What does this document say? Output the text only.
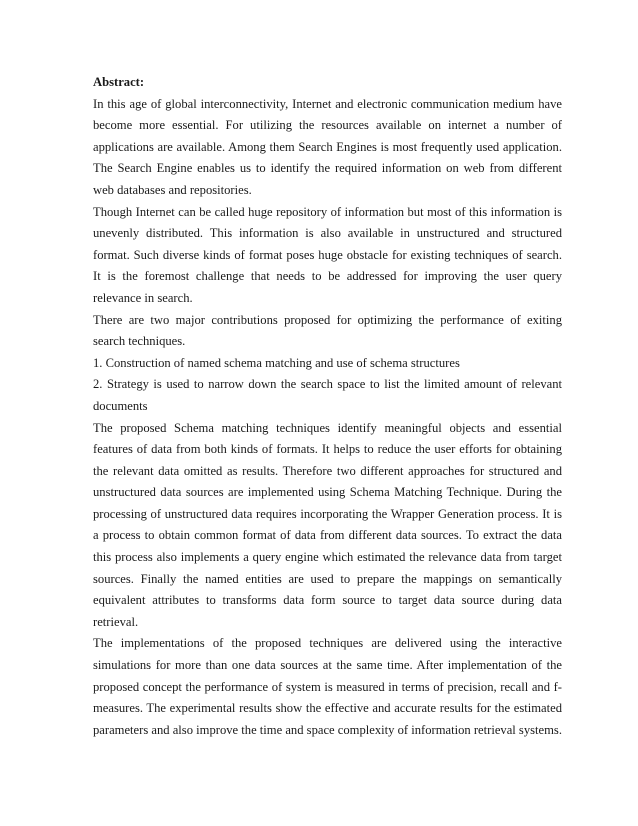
Abstract:

In this age of global interconnectivity, Internet and electronic communication medium have become more essential. For utilizing the resources available on internet a number of applications are available. Among them Search Engines is most frequently used application. The Search Engine enables us to identify the required information on web from different web databases and repositories.

Though Internet can be called huge repository of information but most of this information is unevenly distributed. This information is also available in unstructured and structured format. Such diverse kinds of format poses huge obstacle for existing techniques of search. It is the foremost challenge that needs to be addressed for improving the user query relevance in search.

There are two major contributions proposed for optimizing the performance of exiting search techniques.

1. Construction of named schema matching and use of schema structures

2. Strategy is used to narrow down the search space to list the limited amount of relevant documents

The proposed Schema matching techniques identify meaningful objects and essential features of data from both kinds of formats. It helps to reduce the user efforts for obtaining the relevant data omitted as results. Therefore two different approaches for structured and unstructured data sources are implemented using Schema Matching Technique. During the processing of unstructured data requires incorporating the Wrapper Generation process. It is a process to obtain common format of data from different data sources. To extract the data this process also implements a query engine which estimated the relevance data from target sources. Finally the named entities are used to prepare the mappings on semantically equivalent attributes to transforms data form source to target data source during data retrieval.

The implementations of the proposed techniques are delivered using the interactive simulations for more than one data sources at the same time. After implementation of the proposed concept the performance of system is measured in terms of precision, recall and f-measures. The experimental results show the effective and accurate results for the estimated parameters and also improve the time and space complexity of information retrieval systems.
